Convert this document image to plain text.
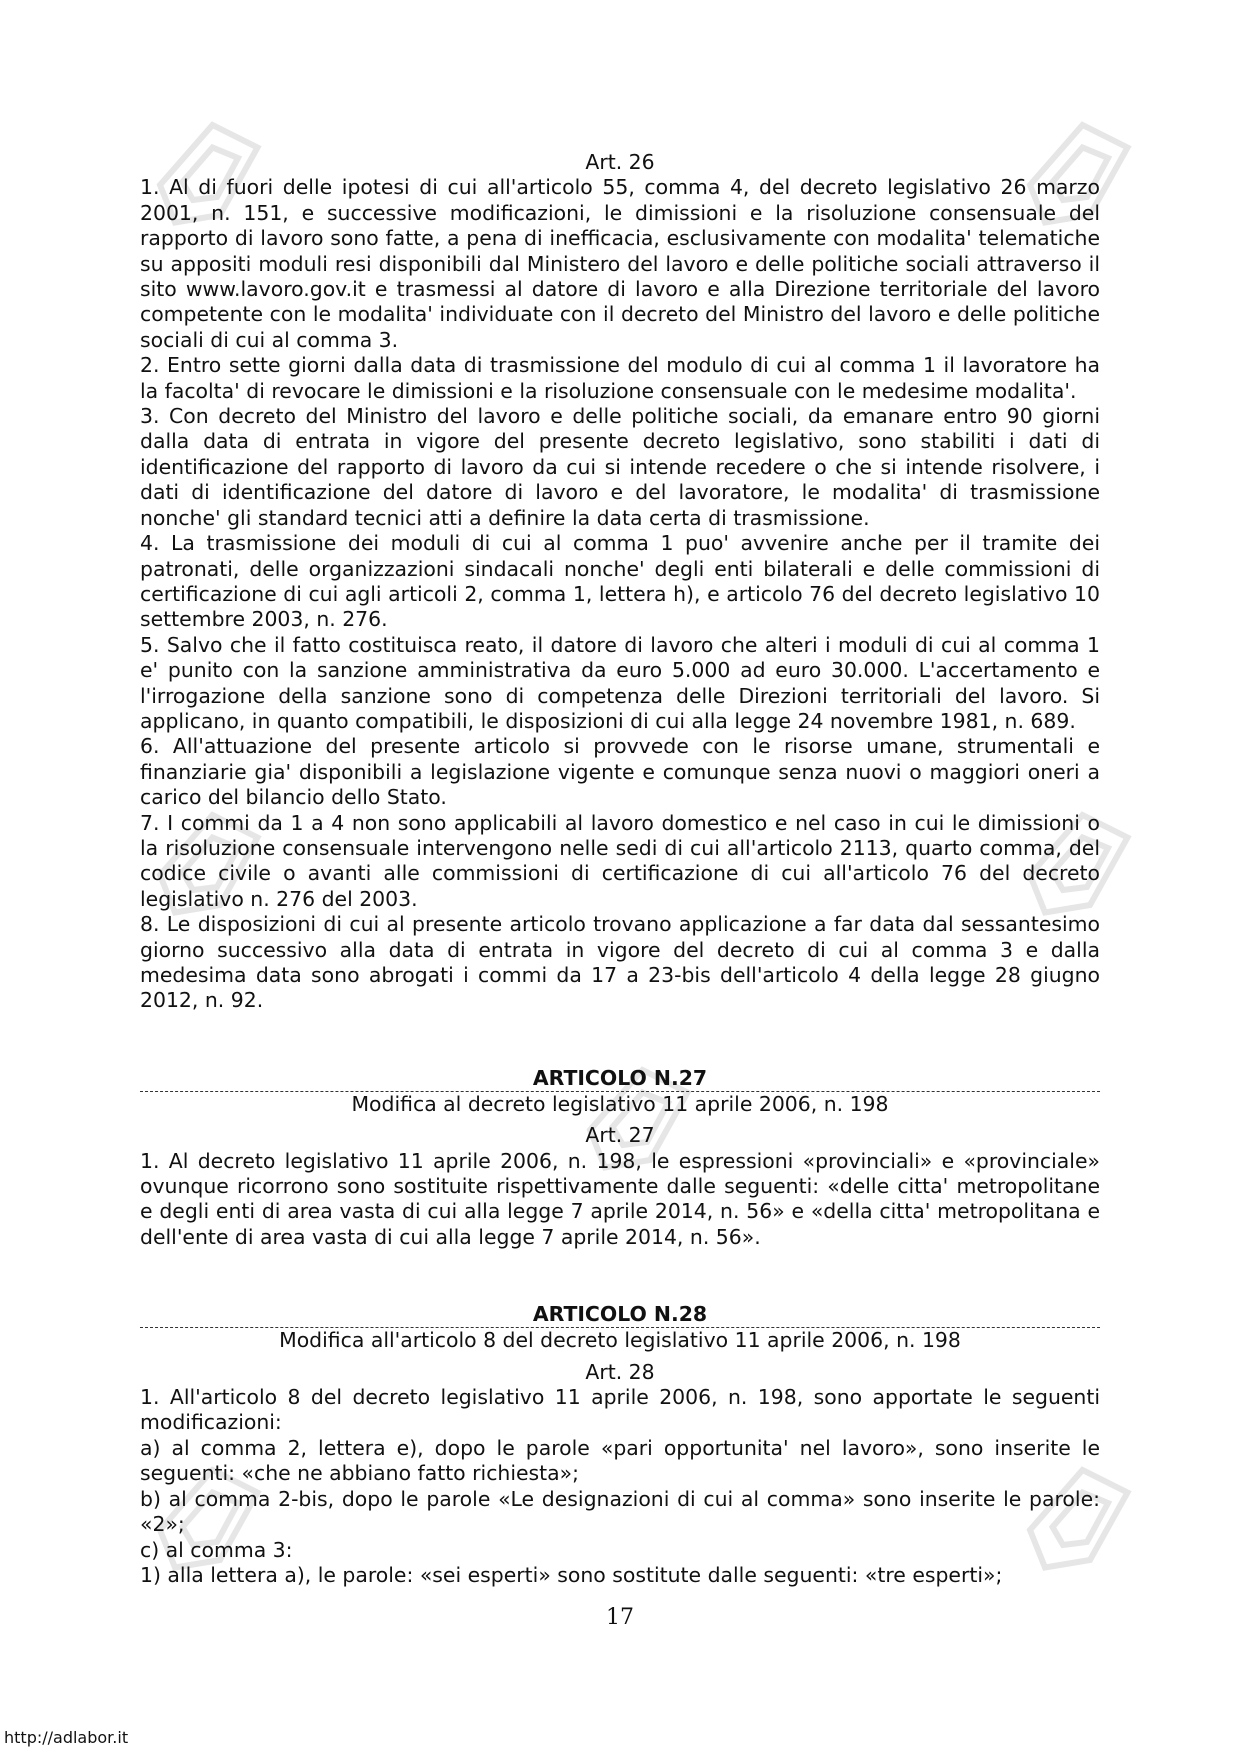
Art. 26

1. Al di fuori delle ipotesi di cui all'articolo 55, comma 4, del decreto legislativo 26 marzo 2001, n. 151, e successive modificazioni, le dimissioni e la risoluzione consensuale del rapporto di lavoro sono fatte, a pena di inefficacia, esclusivamente con modalita' telematiche su appositi moduli resi disponibili dal Ministero del lavoro e delle politiche sociali attraverso il sito www.lavoro.gov.it e trasmessi al datore di lavoro e alla Direzione territoriale del lavoro competente con le modalita' individuate con il decreto del Ministro del lavoro e delle politiche sociali di cui al comma 3.

2. Entro sette giorni dalla data di trasmissione del modulo di cui al comma 1 il lavoratore ha la facolta' di revocare le dimissioni e la risoluzione consensuale con le medesime modalita'.

3. Con decreto del Ministro del lavoro e delle politiche sociali, da emanare entro 90 giorni dalla data di entrata in vigore del presente decreto legislativo, sono stabiliti i dati di identificazione del rapporto di lavoro da cui si intende recedere o che si intende risolvere, i dati di identificazione del datore di lavoro e del lavoratore, le modalita' di trasmissione nonche' gli standard tecnici atti a definire la data certa di trasmissione.

4. La trasmissione dei moduli di cui al comma 1 puo' avvenire anche per il tramite dei patronati, delle organizzazioni sindacali nonche' degli enti bilaterali e delle commissioni di certificazione di cui agli articoli 2, comma 1, lettera h), e articolo 76 del decreto legislativo 10 settembre 2003, n. 276.

5. Salvo che il fatto costituisca reato, il datore di lavoro che alteri i moduli di cui al comma 1 e' punito con la sanzione amministrativa da euro 5.000 ad euro 30.000. L'accertamento e l'irrogazione della sanzione sono di competenza delle Direzioni territoriali del lavoro. Si applicano, in quanto compatibili, le disposizioni di cui alla legge 24 novembre 1981, n. 689.

6. All'attuazione del presente articolo si provvede con le risorse umane, strumentali e finanziarie gia' disponibili a legislazione vigente e comunque senza nuovi o maggiori oneri a carico del bilancio dello Stato.

7. I commi da 1 a 4 non sono applicabili al lavoro domestico e nel caso in cui le dimissioni o la risoluzione consensuale intervengono nelle sedi di cui all'articolo 2113, quarto comma, del codice civile o avanti alle commissioni di certificazione di cui all'articolo 76 del decreto legislativo n. 276 del 2003.

8. Le disposizioni di cui al presente articolo trovano applicazione a far data dal sessantesimo giorno successivo alla data di entrata in vigore del decreto di cui al comma 3 e dalla medesima data sono abrogati i commi da 17 a 23-bis dell'articolo 4 della legge 28 giugno 2012, n. 92.

ARTICOLO N.27

Modifica al decreto legislativo 11 aprile 2006, n. 198

Art. 27

1. Al decreto legislativo 11 aprile 2006, n. 198, le espressioni «provinciali» e «provinciale» ovunque ricorrono sono sostituite rispettivamente dalle seguenti: «delle citta' metropolitane e degli enti di area vasta di cui alla legge 7 aprile 2014, n. 56» e «della citta' metropolitana e dell'ente di area vasta di cui alla legge 7 aprile 2014, n. 56».

ARTICOLO N.28

Modifica all'articolo 8 del decreto legislativo 11 aprile 2006, n. 198

Art. 28

1. All'articolo 8 del decreto legislativo 11 aprile 2006, n. 198, sono apportate le seguenti modificazioni:

a) al comma 2, lettera e), dopo le parole «pari opportunita' nel lavoro», sono inserite le seguenti: «che ne abbiano fatto richiesta»;

b) al comma 2-bis, dopo le parole «Le designazioni di cui al comma» sono inserite le parole: «2»;

c) al comma 3:

1) alla lettera a), le parole: «sei esperti» sono sostitute dalle seguenti: «tre esperti»;

17
http://adlabor.it
